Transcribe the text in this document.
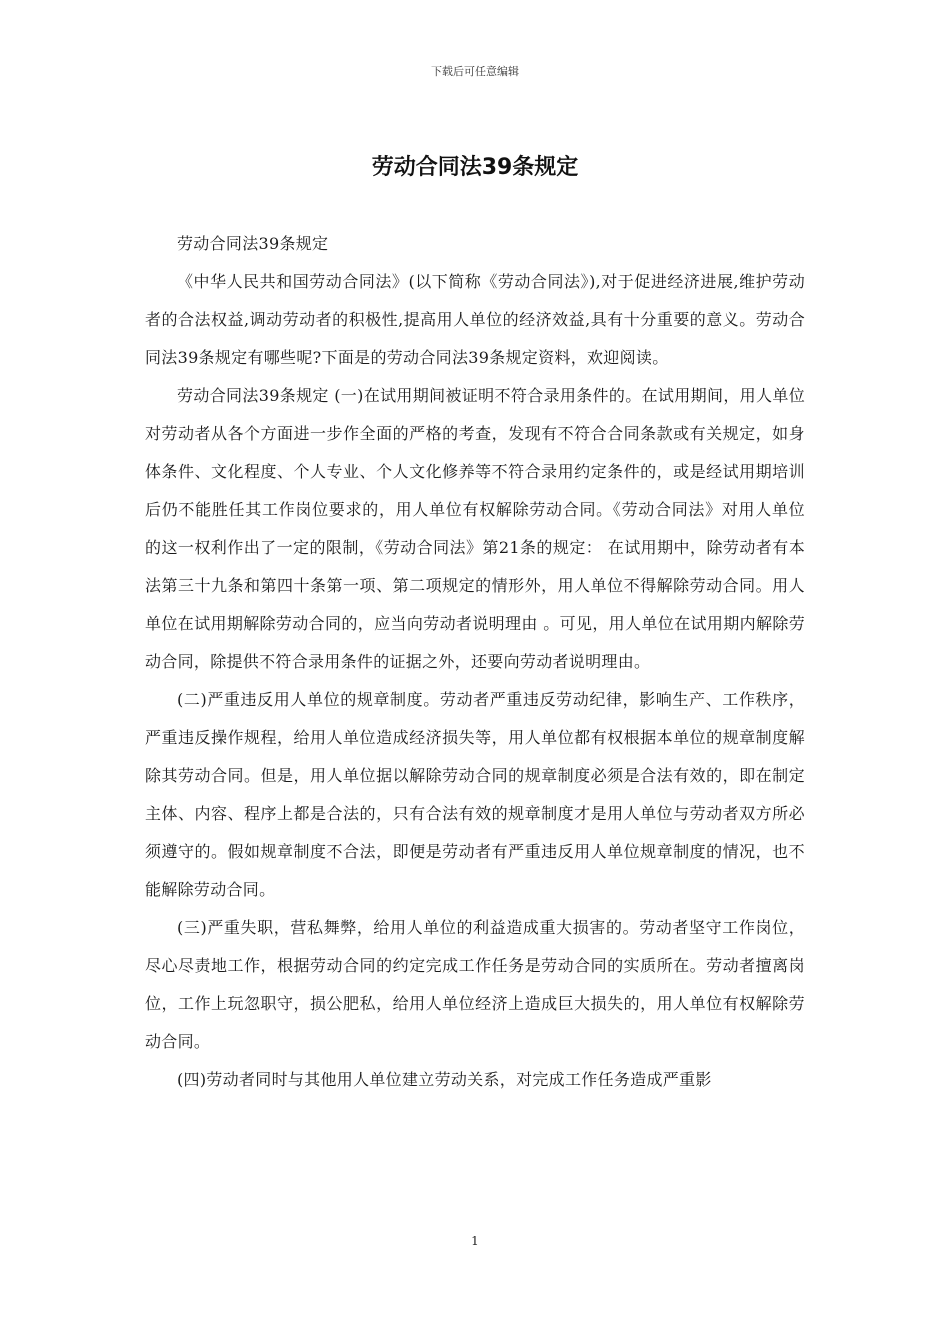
下载后可任意编辑
劳动合同法39条规定

劳动合同法39条规定

《中华人民共和国劳动合同法》(以下简称《劳动合同法》),对于促进经济进展,维护劳动者的合法权益,调动劳动者的积极性,提高用人单位的经济效益,具有十分重要的意义。劳动合同法39条规定有哪些呢?下面是的劳动合同法39条规定资料，欢迎阅读。

劳动合同法39条规定 (一)在试用期间被证明不符合录用条件的。在试用期间，用人单位对劳动者从各个方面进一步作全面的严格的考查，发现有不符合合同条款或有关规定，如身体条件、文化程度、个人专业、个人文化修养等不符合录用约定条件的，或是经试用期培训后仍不能胜任其工作岗位要求的，用人单位有权解除劳动合同。《劳动合同法》对用人单位的这一权利作出了一定的限制，《劳动合同法》第21条的规定： 在试用期中，除劳动者有本法第三十九条和第四十条第一项、第二项规定的情形外，用人单位不得解除劳动合同。用人单位在试用期解除劳动合同的，应当向劳动者说明理由 。可见，用人单位在试用期内解除劳动合同，除提供不符合录用条件的证据之外，还要向劳动者说明理由。

(二)严重违反用人单位的规章制度。劳动者严重违反劳动纪律，影响生产、工作秩序，严重违反操作规程，给用人单位造成经济损失等，用人单位都有权根据本单位的规章制度解除其劳动合同。但是，用人单位据以解除劳动合同的规章制度必须是合法有效的，即在制定主体、内容、程序上都是合法的，只有合法有效的规章制度才是用人单位与劳动者双方所必须遵守的。假如规章制度不合法，即便是劳动者有严重违反用人单位规章制度的情况，也不能解除劳动合同。

(三)严重失职，营私舞弊，给用人单位的利益造成重大损害的。劳动者坚守工作岗位，尽心尽责地工作，根据劳动合同的约定完成工作任务是劳动合同的实质所在。劳动者擅离岗位，工作上玩忽职守，损公肥私，给用人单位经济上造成巨大损失的，用人单位有权解除劳动合同。

(四)劳动者同时与其他用人单位建立劳动关系，对完成工作任务造成严重影

1
